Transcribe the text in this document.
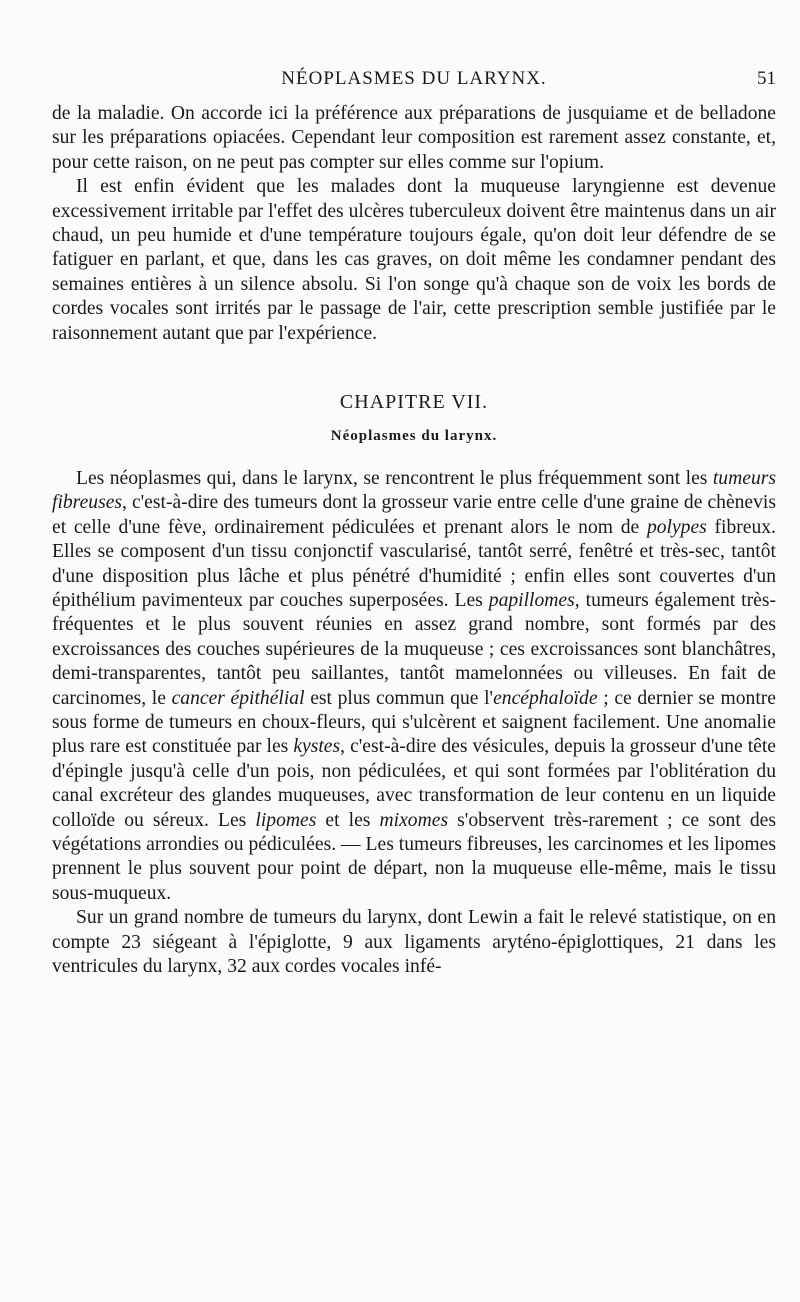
NÉOPLASMES DU LARYNX.	51

de la maladie. On accorde ici la préférence aux préparations de jusquiame et de belladone sur les préparations opiacées. Cependant leur composition est rarement assez constante, et, pour cette raison, on ne peut pas compter sur elles comme sur l'opium.

Il est enfin évident que les malades dont la muqueuse laryngienne est devenue excessivement irritable par l'effet des ulcères tuberculeux doivent être maintenus dans un air chaud, un peu humide et d'une température toujours égale, qu'on doit leur défendre de se fatiguer en parlant, et que, dans les cas graves, on doit même les condamner pendant des semaines entières à un silence absolu. Si l'on songe qu'à chaque son de voix les bords de cordes vocales sont irrités par le passage de l'air, cette prescription semble justifiée par le raisonnement autant que par l'expérience.

CHAPITRE VII.
Néoplasmes du larynx.

Les néoplasmes qui, dans le larynx, se rencontrent le plus fréquemment sont les tumeurs fibreuses, c'est-à-dire des tumeurs dont la grosseur varie entre celle d'une graine de chènevis et celle d'une fève, ordinairement pédiculées et prenant alors le nom de polypes fibreux. Elles se composent d'un tissu conjonctif vascularisé, tantôt serré, fenêtré et très-sec, tantôt d'une disposition plus lâche et plus pénétré d'humidité ; enfin elles sont couvertes d'un épithélium pavimenteux par couches superposées. Les papillomes, tumeurs également très-fréquentes et le plus souvent réunies en assez grand nombre, sont formés par des excroissances des couches supérieures de la muqueuse ; ces excroissances sont blanchâtres, demi-transparentes, tantôt peu saillantes, tantôt mamelonnées ou villeuses. En fait de carcinomes, le cancer épithélial est plus commun que l'encéphaloïde ; ce dernier se montre sous forme de tumeurs en choux-fleurs, qui s'ulcèrent et saignent facilement. Une anomalie plus rare est constituée par les kystes, c'est-à-dire des vésicules, depuis la grosseur d'une tête d'épingle jusqu'à celle d'un pois, non pédiculées, et qui sont formées par l'oblitération du canal excréteur des glandes muqueuses, avec transformation de leur contenu en un liquide colloïde ou séreux. Les lipomes et les mixomes s'observent très-rarement ; ce sont des végétations arrondies ou pédiculées. — Les tumeurs fibreuses, les carcinomes et les lipomes prennent le plus souvent pour point de départ, non la muqueuse elle-même, mais le tissu sous-muqueux.

Sur un grand nombre de tumeurs du larynx, dont Lewin a fait le relevé statistique, on en compte 23 siégeant à l'épiglotte, 9 aux ligaments aryténo-épiglottiques, 21 dans les ventricules du larynx, 32 aux cordes vocales infé-
